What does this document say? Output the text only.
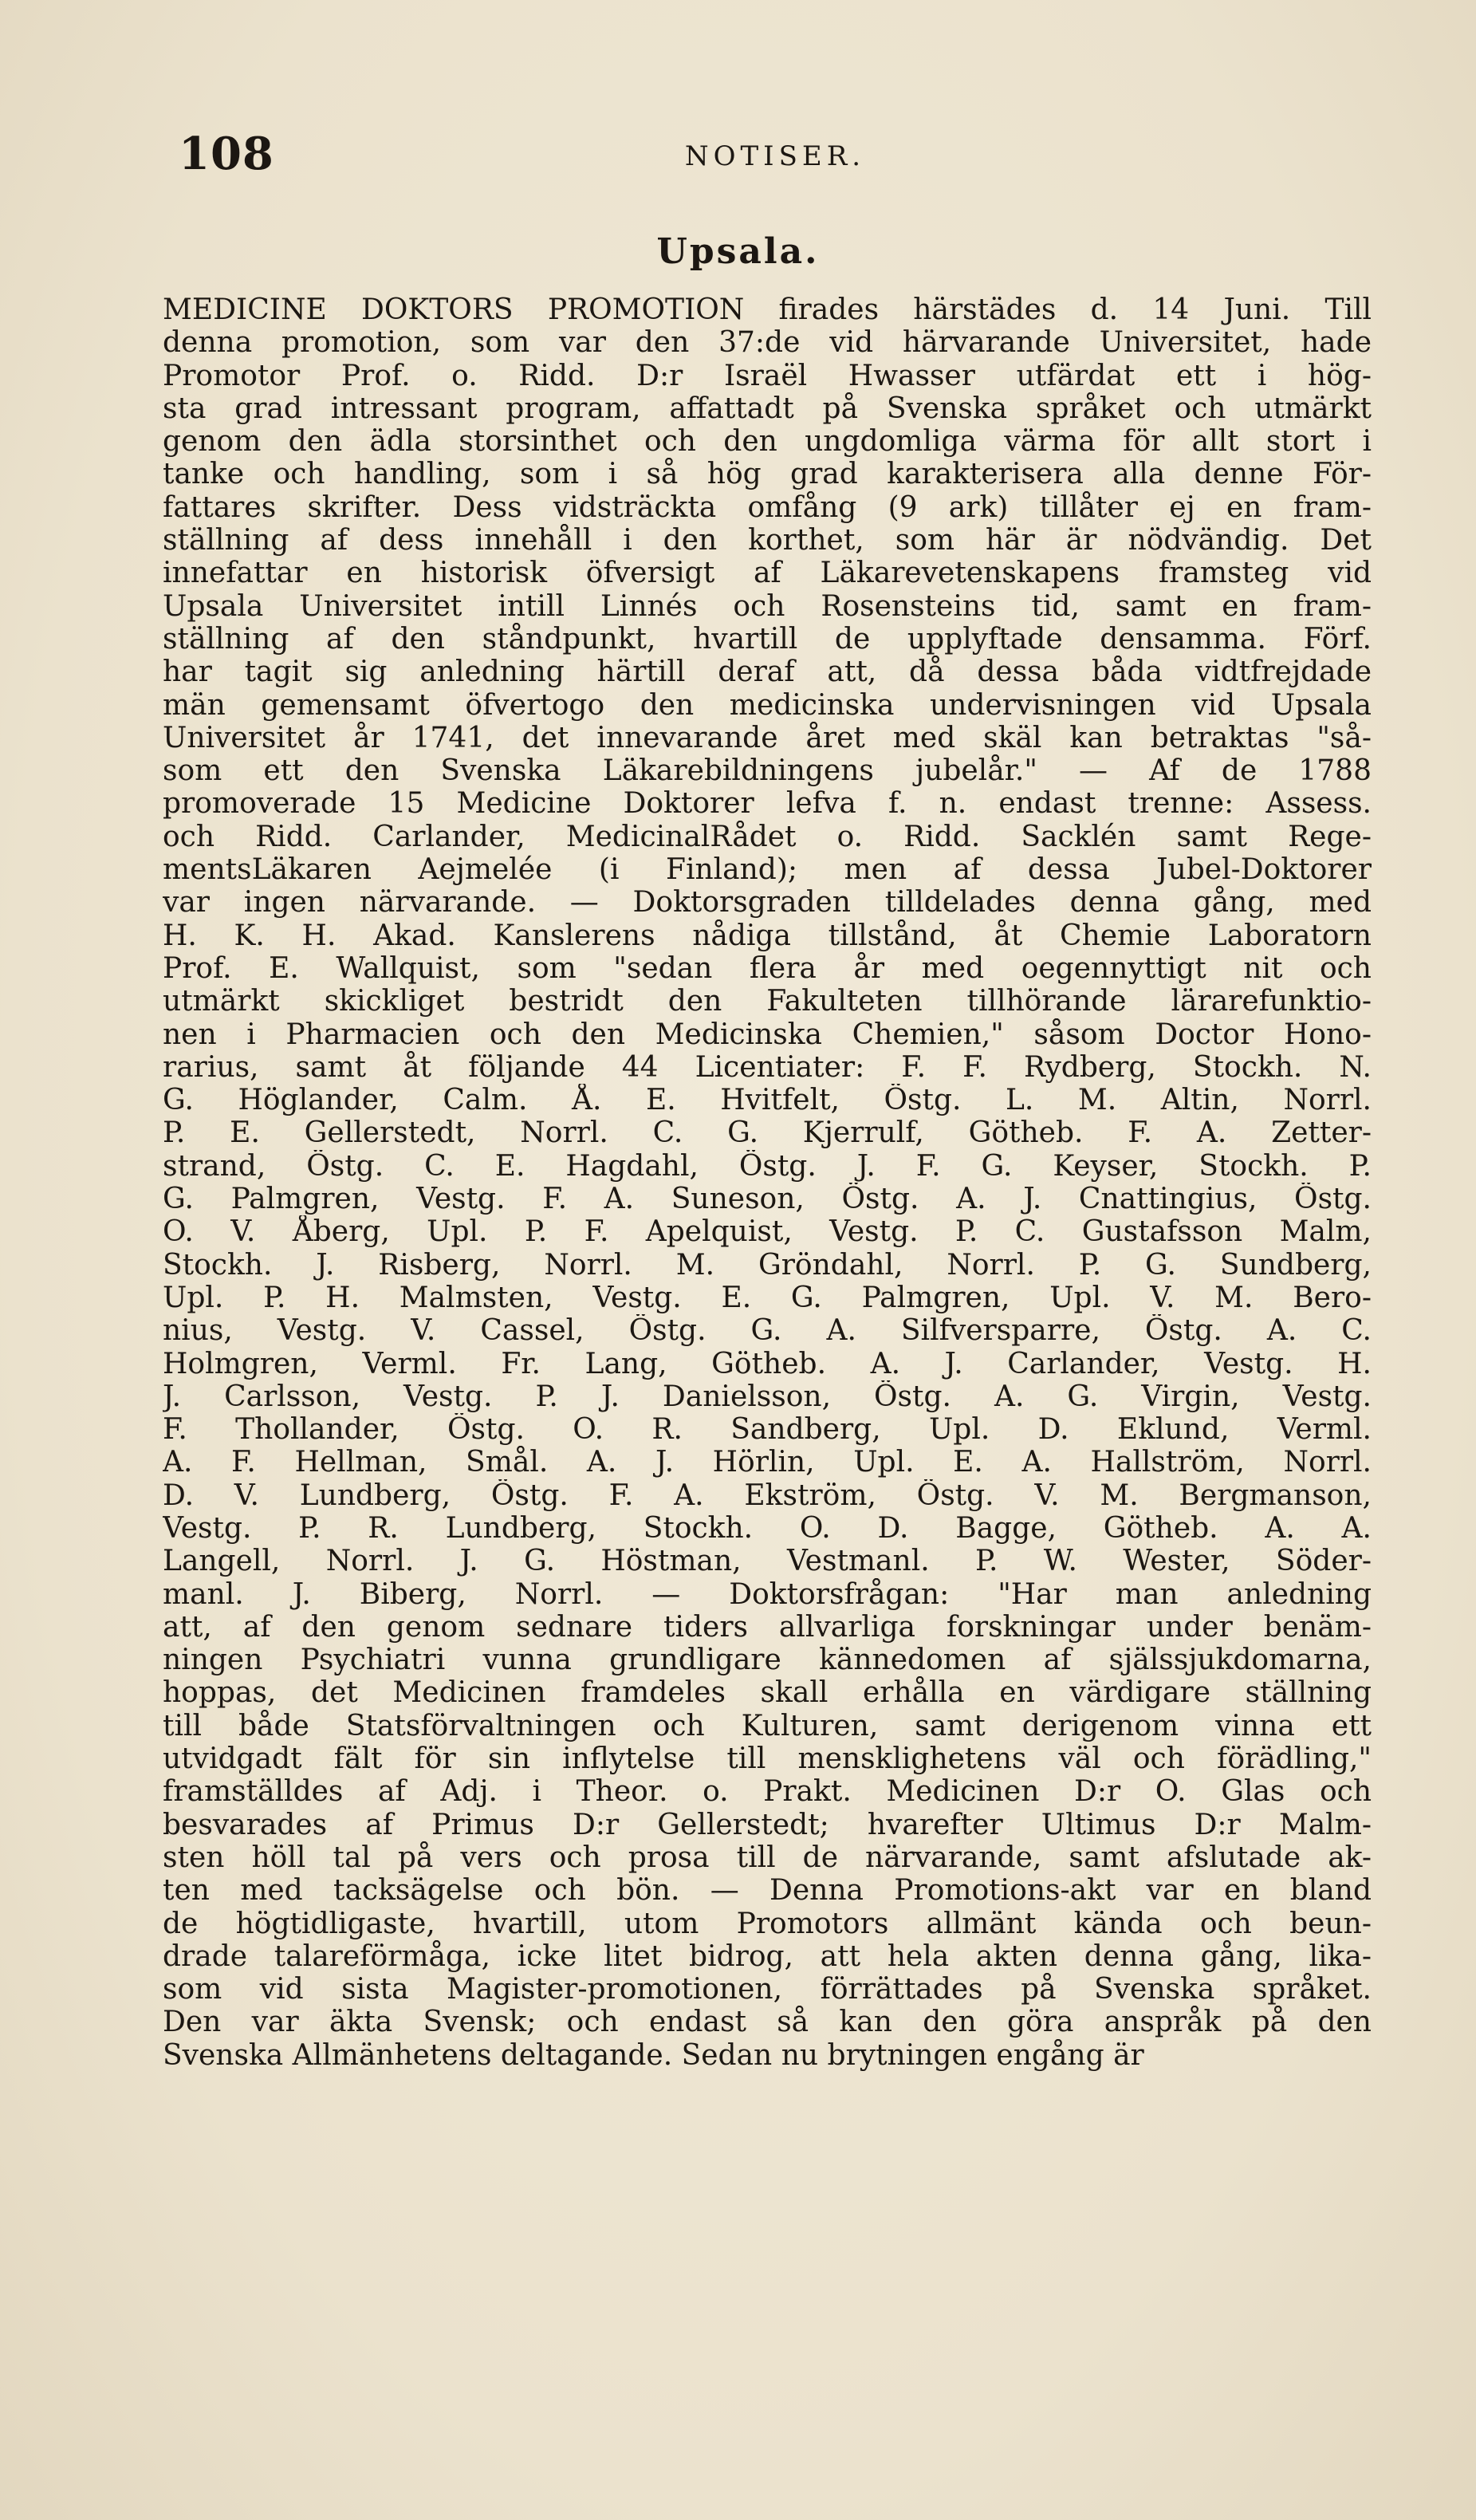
108	NOTISER.
Upsala.
MEDICINE DOKTORS PROMOTION firades härstädes d. 14 Juni. Till
denna promotion, som var den 37:de vid härvarande Universitet, hade
Promotor Prof. o. Ridd. D:r Israël Hwasser utfärdat ett i hög-
sta grad intressant program, affattadt på Svenska språket och utmärkt
genom den ädla storsinthet och den ungdomliga värma för allt stort i
tanke och handling, som i så hög grad karakterisera alla denne För-
fattares skrifter. Dess vidsträckta omfång (9 ark) tillåter ej en fram-
ställning af dess innehåll i den korthet, som här är nödvändig. Det
innefattar en historisk öfversigt af Läkarevetenskapens framsteg vid
Upsala Universitet intill Linnés och Rosensteins tid, samt en fram-
ställning af den ståndpunkt, hvartill de upplyftade densamma. Förf.
har tagit sig anledning härtill deraf att, då dessa båda vidtfrejdade
män gemensamt öfvertogo den medicinska undervisningen vid Upsala
Universitet år 1741, det innevarande året med skäl kan betraktas "så-
som ett den Svenska Läkarebildningens jubelår." — Af de 1788
promoverade 15 Medicine Doktorer lefva f. n. endast trenne: Assess.
och Ridd. Carlander, MedicinalRådet o. Ridd. Sacklén samt Rege-
mentsLäkaren Aejmelée (i Finland); men af dessa Jubel-Doktorer
var ingen närvarande. — Doktorsgraden tilldelades denna gång, med
H. K. H. Akad. Kanslerens nådiga tillstånd, åt Chemie Laboratorn
Prof. E. Wallquist, som "sedan flera år med oegennyttigt nit och
utmärkt skickliget bestridt den Fakulteten tillhörande lärarefunktio-
nen i Pharmacien och den Medicinska Chemien," såsom Doctor Hono-
rarius, samt åt följande 44 Licentiater: F. F. Rydberg, Stockh. N.
G. Höglander, Calm. Å. E. Hvitfelt, Östg. L. M. Altin, Norrl.
P. E. Gellerstedt, Norrl. C. G. Kjerrulf, Götheb. F. A. Zetter-
strand, Östg. C. E. Hagdahl, Östg. J. F. G. Keyser, Stockh. P.
G. Palmgren, Vestg. F. A. Suneson, Östg. A. J. Cnattingius, Östg.
O. V. Åberg, Upl. P. F. Apelquist, Vestg. P. C. Gustafsson Malm,
Stockh. J. Risberg, Norrl. M. Gröndahl, Norrl. P. G. Sundberg,
Upl. P. H. Malmsten, Vestg. E. G. Palmgren, Upl. V. M. Bero-
nius, Vestg. V. Cassel, Östg. G. A. Silfversparre, Östg. A. C.
Holmgren, Verml. Fr. Lang, Götheb. A. J. Carlander, Vestg. H.
J. Carlsson, Vestg. P. J. Danielsson, Östg. A. G. Virgin, Vestg.
F. Thollander, Östg. O. R. Sandberg, Upl. D. Eklund, Verml.
A. F. Hellman, Smål. A. J. Hörlin, Upl. E. A. Hallström, Norrl.
D. V. Lundberg, Östg. F. A. Ekström, Östg. V. M. Bergmanson,
Vestg. P. R. Lundberg, Stockh. O. D. Bagge, Götheb. A. A.
Langell, Norrl. J. G. Höstman, Vestmanl. P. W. Wester, Söder-
manl. J. Biberg, Norrl. — Doktorsfrågan: "Har man anledning
att, af den genom sednare tiders allvarliga forskningar under benäm-
ningen Psychiatri vunna grundligare kännedomen af själssjukdomarna,
hoppas, det Medicinen framdeles skall erhålla en värdigare ställning
till både Statsförvaltningen och Kulturen, samt derigenom vinna ett
utvidgadt fält för sin inflytelse till mensklighetens väl och förädling,"
framställdes af Adj. i Theor. o. Prakt. Medicinen D:r O. Glas och
besvarades af Primus D:r Gellerstedt; hvarefter Ultimus D:r Malm-
sten höll tal på vers och prosa till de närvarande, samt afslutade ak-
ten med tacksägelse och bön. — Denna Promotions-akt var en bland
de högtidligaste, hvartill, utom Promotors allmänt kända och beun-
drade talareförmåga, icke litet bidrog, att hela akten denna gång, lika-
som vid sista Magister-promotionen, förrättades på Svenska språket.
Den var äkta Svensk; och endast så kan den göra anspråk på den
Svenska Allmänhetens deltagande. Sedan nu brytningen engång är
